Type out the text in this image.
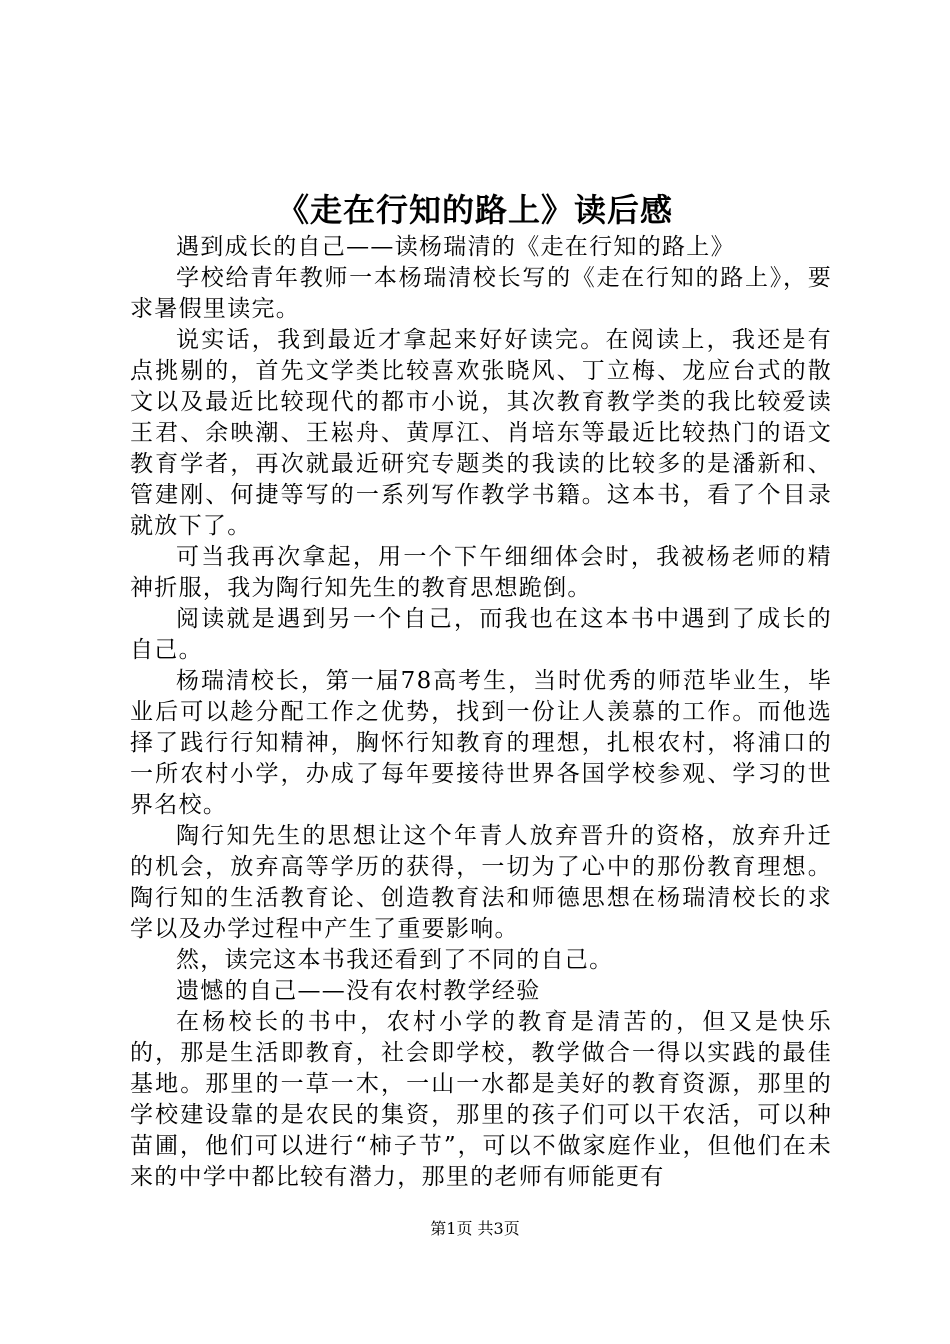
《走在行知的路上》读后感

遇到成长的自己——读杨瑞清的《走在行知的路上》

学校给青年教师一本杨瑞清校长写的《走在行知的路上》，要求暑假里读完。

说实话，我到最近才拿起来好好读完。在阅读上，我还是有点挑剔的，首先文学类比较喜欢张晓风、丁立梅、龙应台式的散文以及最近比较现代的都市小说，其次教育教学类的我比较爱读王君、余映潮、王崧舟、黄厚江、肖培东等最近比较热门的语文教育学者，再次就最近研究专题类的我读的比较多的是潘新和、管建刚、何捷等写的一系列写作教学书籍。这本书，看了个目录就放下了。

可当我再次拿起，用一个下午细细体会时，我被杨老师的精神折服，我为陶行知先生的教育思想跪倒。

阅读就是遇到另一个自己，而我也在这本书中遇到了成长的自己。

杨瑞清校长，第一届78高考生，当时优秀的师范毕业生，毕业后可以趁分配工作之优势，找到一份让人羡慕的工作。而他选择了践行行知精神，胸怀行知教育的理想，扎根农村，将浦口的一所农村小学，办成了每年要接待世界各国学校参观、学习的世界名校。

陶行知先生的思想让这个年青人放弃晋升的资格，放弃升迁的机会，放弃高等学历的获得，一切为了心中的那份教育理想。陶行知的生活教育论、创造教育法和师德思想在杨瑞清校长的求学以及办学过程中产生了重要影响。

然，读完这本书我还看到了不同的自己。

遗憾的自己——没有农村教学经验

在杨校长的书中，农村小学的教育是清苦的，但又是快乐的，那是生活即教育，社会即学校，教学做合一得以实践的最佳基地。那里的一草一木，一山一水都是美好的教育资源，那里的学校建设靠的是农民的集资，那里的孩子们可以干农活，可以种苗圃，他们可以进行“柿子节”，可以不做家庭作业，但他们在未来的中学中都比较有潜力，那里的老师有师能更有

第1页 共3页
